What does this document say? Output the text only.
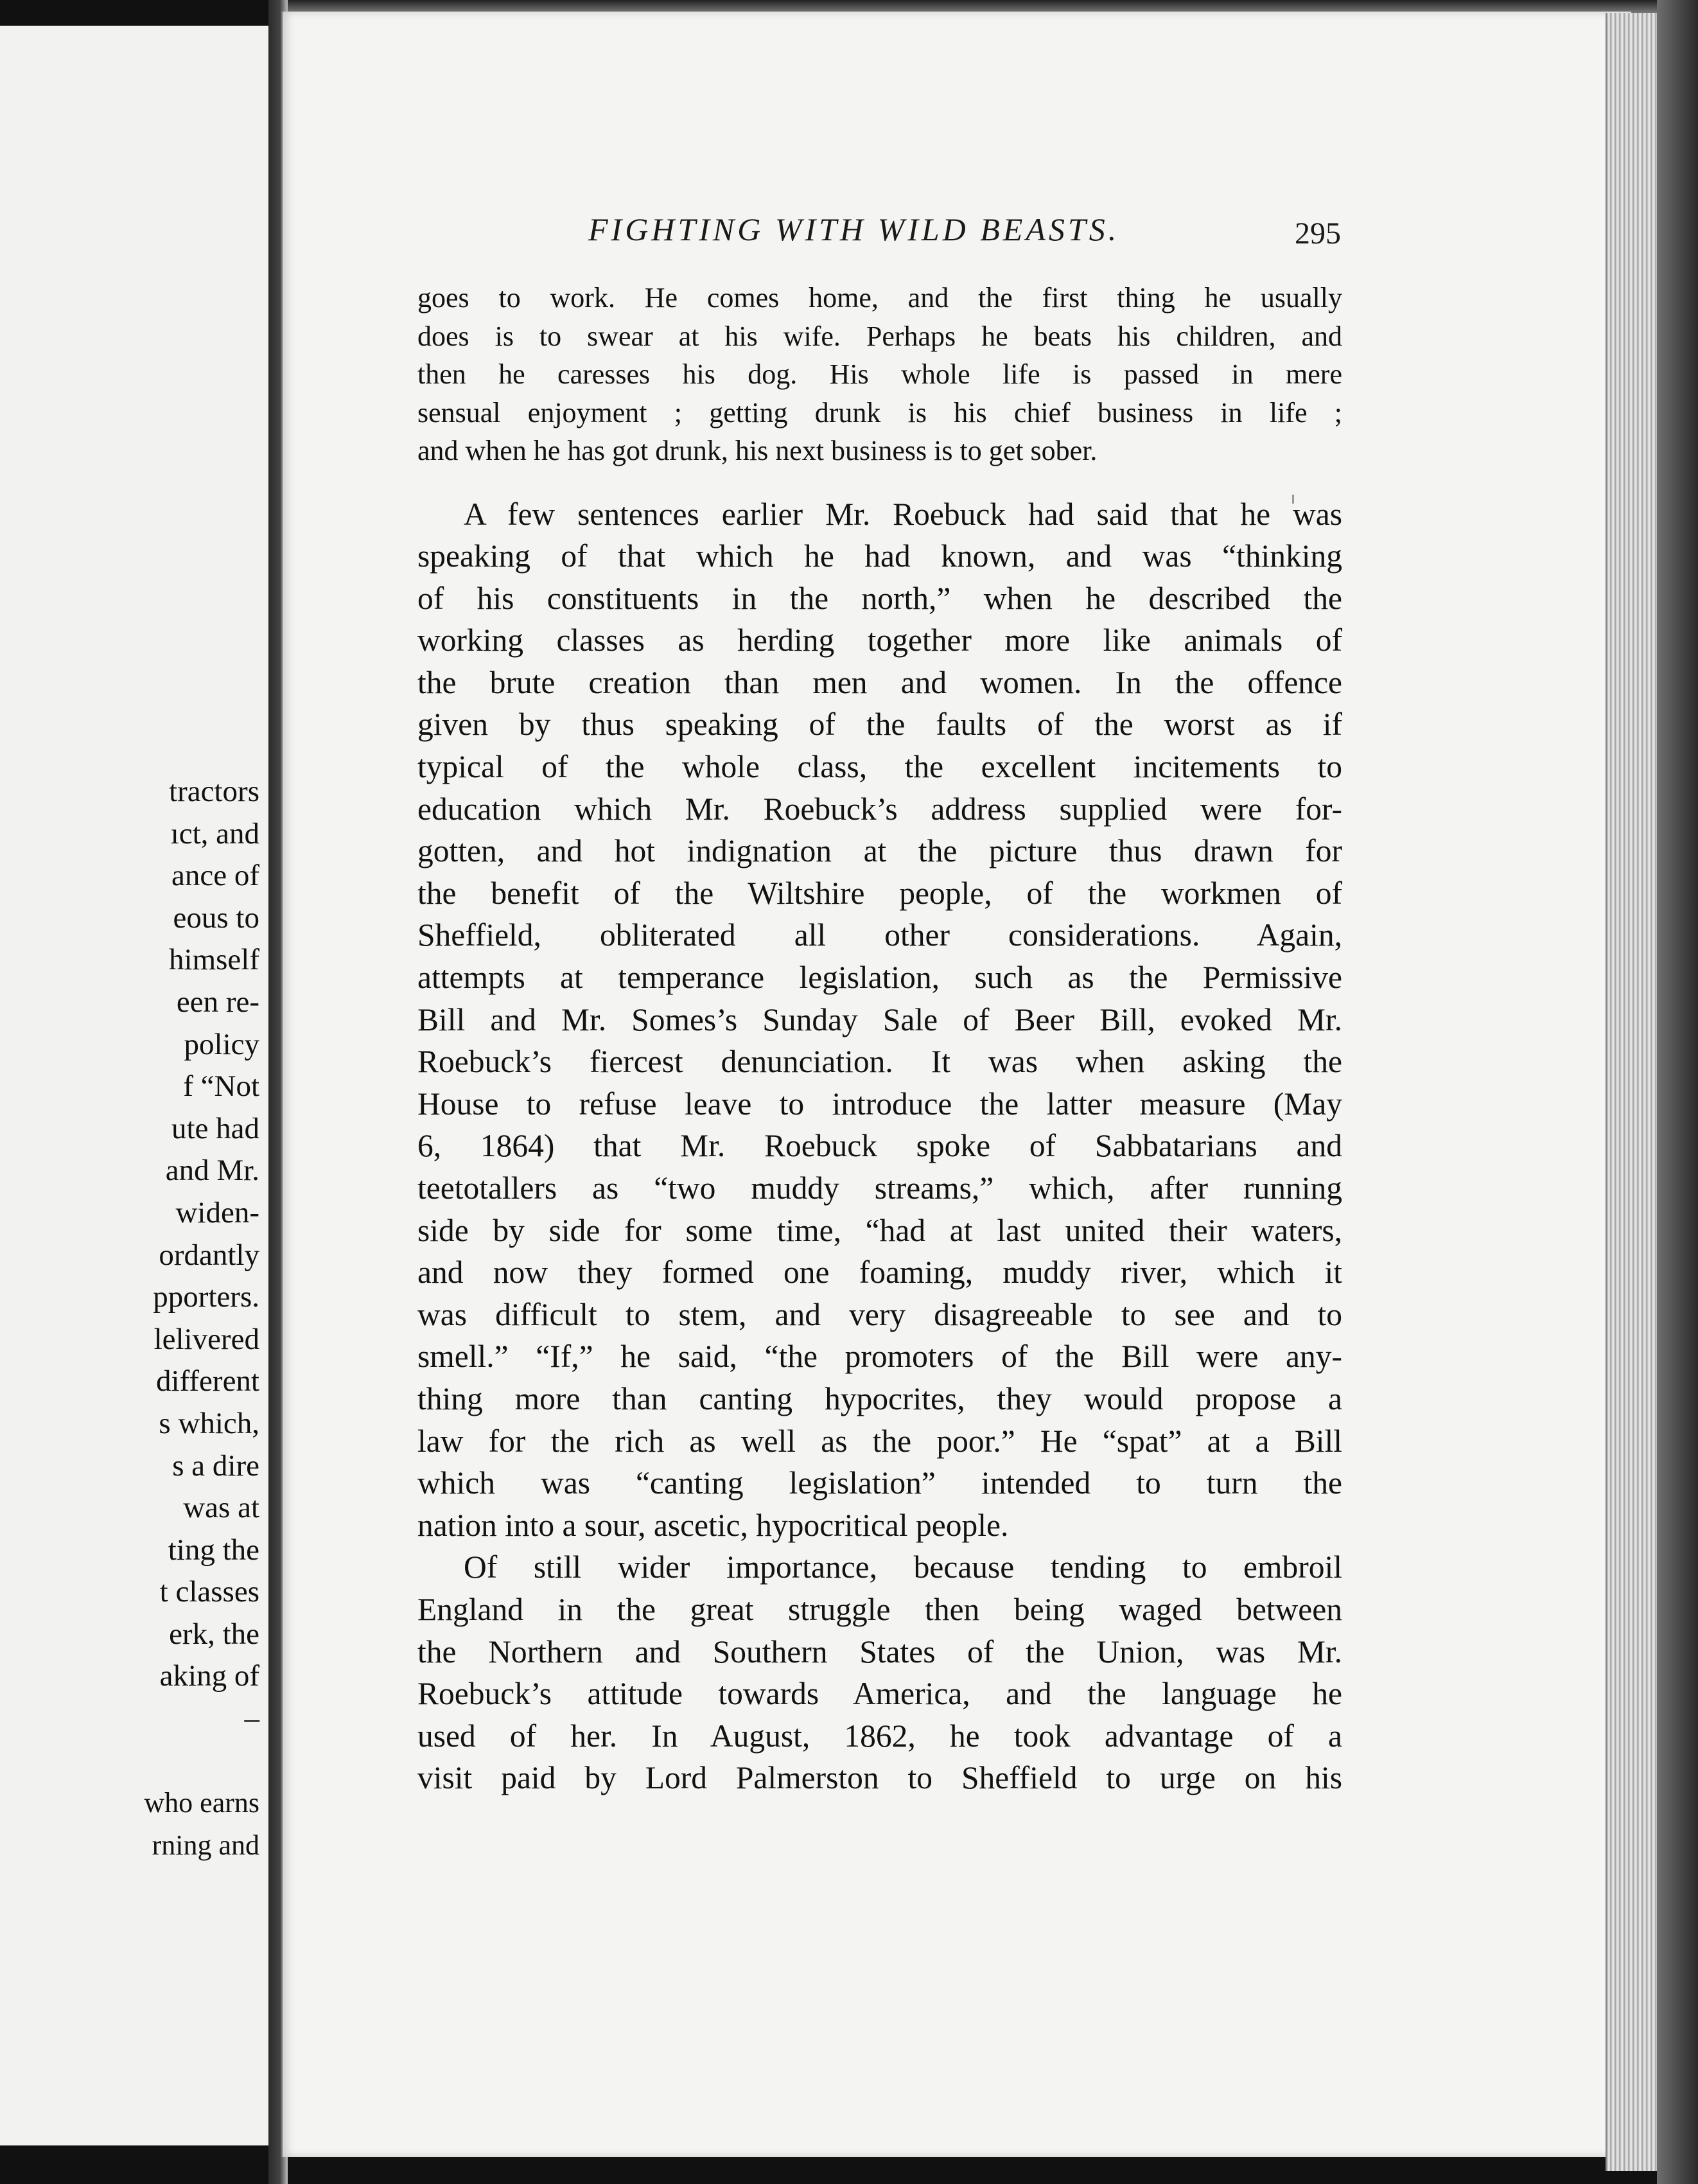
tractors
ıct, and
ance of
eous to
himself
een re-
policy
f “Not
ute had
and Mr.
widen-
ordantly
pporters.
lelivered
different
s which,
s a dire
was at
ting the
t classes
erk, the
aking of
–
who earns
rning and
FIGHTING WITH WILD BEASTS.	295
goes to work. He comes home, and the first thing he usually
does is to swear at his wife. Perhaps he beats his children, and
then he caresses his dog. His whole life is passed in mere
sensual enjoyment ; getting drunk is his chief business in life ;
and when he has got drunk, his next business is to get sober.
A few sentences earlier Mr. Roebuck had said that he was
speaking of that which he had known, and was “thinking
of his constituents in the north,” when he described the
working classes as herding together more like animals of
the brute creation than men and women. In the offence
given by thus speaking of the faults of the worst as if
typical of the whole class, the excellent incitements to
education which Mr. Roebuck’s address supplied were for-
gotten, and hot indignation at the picture thus drawn for
the benefit of the Wiltshire people, of the workmen of
Sheffield, obliterated all other considerations. Again,
attempts at temperance legislation, such as the Permissive
Bill and Mr. Somes’s Sunday Sale of Beer Bill, evoked Mr.
Roebuck’s fiercest denunciation. It was when asking the
House to refuse leave to introduce the latter measure (May
6, 1864) that Mr. Roebuck spoke of Sabbatarians and
teetotallers as “two muddy streams,” which, after running
side by side for some time, “had at last united their waters,
and now they formed one foaming, muddy river, which it
was difficult to stem, and very disagreeable to see and to
smell.” “If,” he said, “the promoters of the Bill were any-
thing more than canting hypocrites, they would propose a
law for the rich as well as the poor.” He “spat” at a Bill
which was “canting legislation” intended to turn the
nation into a sour, ascetic, hypocritical people.
Of still wider importance, because tending to embroil
England in the great struggle then being waged between
the Northern and Southern States of the Union, was Mr.
Roebuck’s attitude towards America, and the language he
used of her. In August, 1862, he took advantage of a
visit paid by Lord Palmerston to Sheffield to urge on his
